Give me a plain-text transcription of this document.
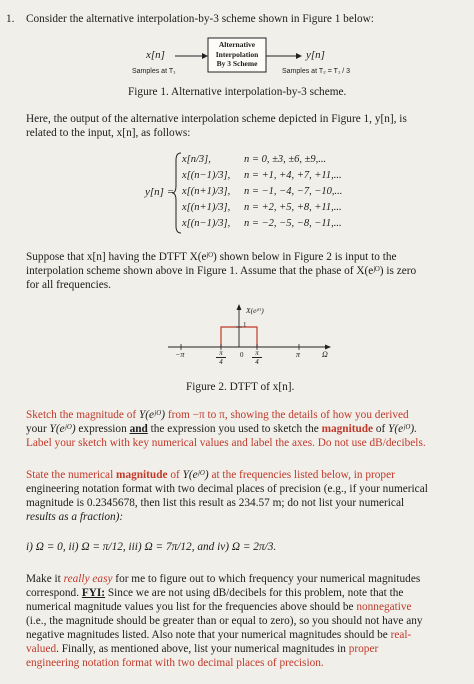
1. Consider the alternative interpolation-by-3 scheme shown in Figure 1 below:
x[n]
Samples at T₁
Alternative
Interpolation
By 3 Scheme
y[n]
Samples at T₂ = T₁ / 3
Figure 1. Alternative interpolation-by-3 scheme.
Here, the output of the alternative interpolation scheme depicted in Figure 1, y[n], is
related to the input, x[n], as follows:
y[n] =
x[n/3],	n = 0, ±3, ±6, ±9,...
x[(n−1)/3], n = +1, +4, +7, +11,...
x[(n+1)/3], n = −1, −4, −7, −10,...
x[(n+1)/3], n = +2, +5, +8, +11,...
x[(n−1)/3], n = −2, −5, −8, −11,...
Suppose that x[n] having the DTFT X(eʲᴼ) shown below in Figure 2 is input to the
interpolation scheme shown above in Figure 1. Assume that the phase of X(eʲᴼ) is zero
for all frequencies.
X(eʲᴼ)
1
−π	$\frac{\pi}{4} 0 \frac{\pi}{4}$	π	Ω
Figure 2. DTFT of x[n].
Sketch the magnitude of Y(eʲᴼ) from −π to π, showing the details of how you derived
your Y(eʲᴼ) expression and the expression you used to sketch the magnitude of Y(eʲᴼ).
Label your sketch with key numerical values and label the axes. Do not use dB/decibels.
State the numerical magnitude of Y(eʲᴼ) at the frequencies listed below, in proper
engineering notation format with two decimal places of precision (e.g., if your numerical
magnitude is 0.2345678, then list this result as 234.57 m; do not list your numerical
results as a fraction):
i) Ω = 0, ii) Ω = π/12, iii) Ω = 7π/12, and iv) Ω = 2π/3.
Make it really easy for me to figure out to which frequency your numerical magnitudes
correspond. FYI: Since we are not using dB/decibels for this problem, note that the
numerical magnitude values you list for the frequencies above should be nonnegative
(i.e., the magnitude should be greater than or equal to zero), so you should not have any
negative magnitudes listed. Also note that your numerical magnitudes should be real-
valued. Finally, as mentioned above, list your numerical magnitudes in proper
engineering notation format with two decimal places of precision.
